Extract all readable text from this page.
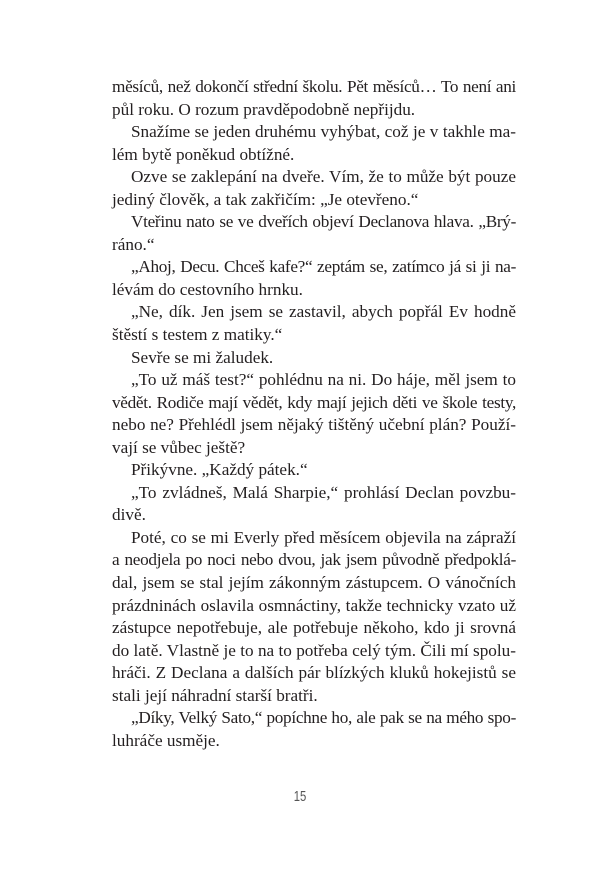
měsíců, než dokončí střední školu. Pět měsíců… To není ani
půl roku. O rozum pravděpodobně nepřijdu.
Snažíme se jeden druhému vyhýbat, což je v takhle ma-
lém bytě poněkud obtížné.
Ozve se zaklepání na dveře. Vím, že to může být pouze
jediný člověk, a tak zakřičím: „Je otevřeno.“
Vteřinu nato se ve dveřích objeví Declanova hlava. „Brý-
ráno.“
„Ahoj, Decu. Chceš kafe?“ zeptám se, zatímco já si ji na-
lévám do cestovního hrnku.
„Ne, dík. Jen jsem se zastavil, abych popřál Ev hodně
štěstí s testem z matiky.“
Sevře se mi žaludek.
„To už máš test?“ pohlédnu na ni. Do háje, měl jsem to
vědět. Rodiče mají vědět, kdy mají jejich děti ve škole testy,
nebo ne? Přehlédl jsem nějaký tištěný učební plán? Použí-
vají se vůbec ještě?
Přikývne. „Každý pátek.“
„To zvládneš, Malá Sharpie,“ prohlásí Declan povzbu-
divě.
Poté, co se mi Everly před měsícem objevila na zápraží
a neodjela po noci nebo dvou, jak jsem původně předpoklá-
dal, jsem se stal jejím zákonným zástupcem. O vánočních
prázdninách oslavila osmnáctiny, takže technicky vzato už
zástupce nepotřebuje, ale potřebuje někoho, kdo ji srovná
do latě. Vlastně je to na to potřeba celý tým. Čili mí spolu-
hráči. Z Declana a dalších pár blízkých kluků hokejistů se
stali její náhradní starší bratři.
„Díky, Velký Sato,“ popíchne ho, ale pak se na mého spo-
luhráče usměje.
15
